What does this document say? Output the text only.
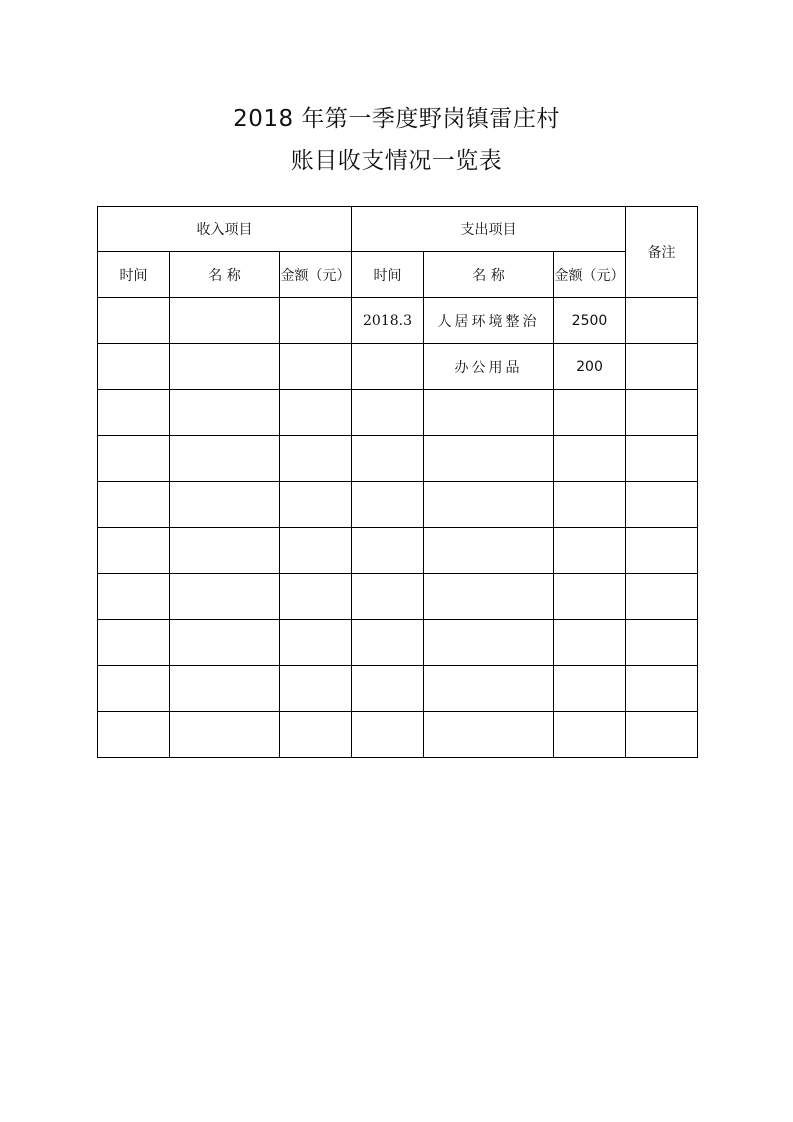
2018 年第一季度野岗镇雷庄村
账目收支情况一览表
收入项目			支出项目			备注
时间	名 称	金额（元）	时间	名 称	金额（元）	
			2018.3	人居环境整治	2500	
				办公用品	200	
